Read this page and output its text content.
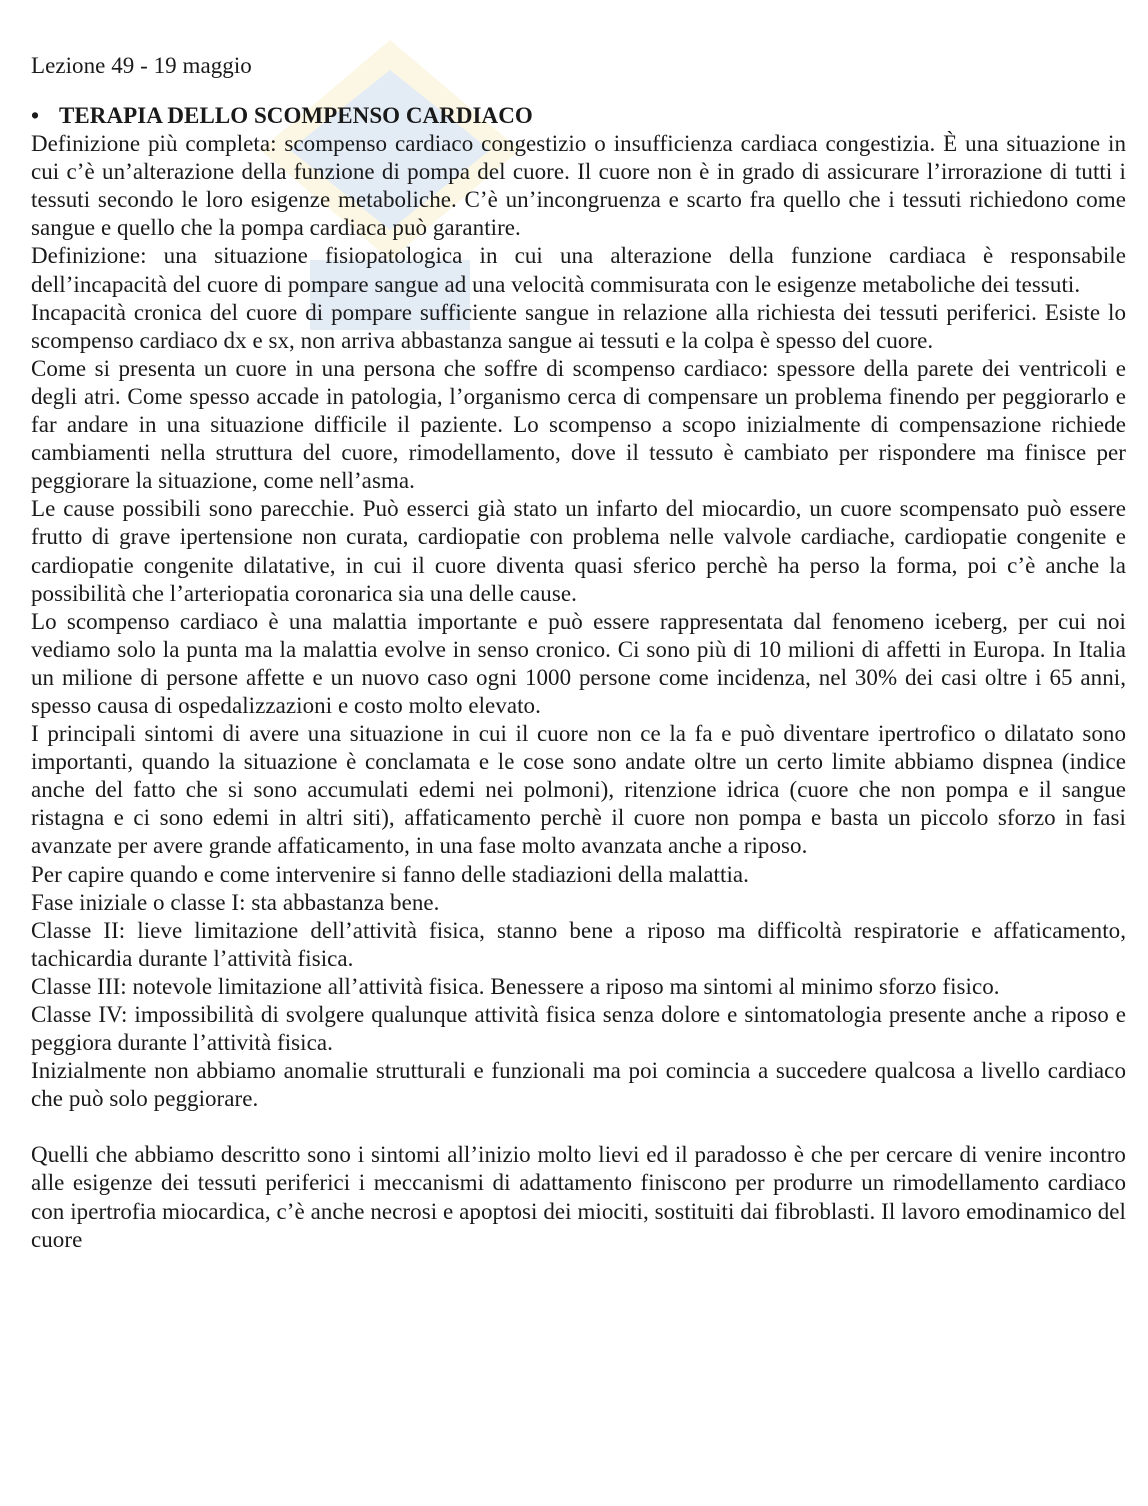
Lezione 49 - 19 maggio
• TERAPIA DELLO SCOMPENSO CARDIACO

Definizione più completa: scompenso cardiaco congestizio o insufficienza cardiaca congestizia. È una situazione in cui c’è un’alterazione della funzione di pompa del cuore. Il cuore non è in grado di assicurare l’irrorazione di tutti i tessuti secondo le loro esigenze metaboliche. C’è un’incongruenza e scarto fra quello che i tessuti richiedono come sangue e quello che la pompa cardiaca può garantire.

Definizione: una situazione fisiopatologica in cui una alterazione della funzione cardiaca è responsabile dell’incapacità del cuore di pompare sangue ad una velocità commisurata con le esigenze metaboliche dei tessuti.

Incapacità cronica del cuore di pompare sufficiente sangue in relazione alla richiesta dei tessuti periferici. Esiste lo scompenso cardiaco dx e sx, non arriva abbastanza sangue ai tessuti e la colpa è spesso del cuore.

Come si presenta un cuore in una persona che soffre di scompenso cardiaco: spessore della parete dei ventricoli e degli atri. Come spesso accade in patologia, l’organismo cerca di compensare un problema finendo per peggiorarlo e far andare in una situazione difficile il paziente. Lo scompenso a scopo inizialmente di compensazione richiede cambiamenti nella struttura del cuore, rimodellamento, dove il tessuto è cambiato per rispondere ma finisce per peggiorare la situazione, come nell’asma.

Le cause possibili sono parecchie. Può esserci già stato un infarto del miocardio, un cuore scompensato può essere frutto di grave ipertensione non curata, cardiopatie con problema nelle valvole cardiache, cardiopatie congenite e cardiopatie congenite dilatative, in cui il cuore diventa quasi sferico perchè ha perso la forma, poi c’è anche la possibilità che l’arteriopatia coronarica sia una delle cause.

Lo scompenso cardiaco è una malattia importante e può essere rappresentata dal fenomeno iceberg, per cui noi vediamo solo la punta ma la malattia evolve in senso cronico. Ci sono più di 10 milioni di affetti in Europa. In Italia un milione di persone affette e un nuovo caso ogni 1000 persone come incidenza, nel 30% dei casi oltre i 65 anni, spesso causa di ospedalizzazioni e costo molto elevato.

I principali sintomi di avere una situazione in cui il cuore non ce la fa e può diventare ipertrofico o dilatato sono importanti, quando la situazione è conclamata e le cose sono andate oltre un certo limite abbiamo dispnea (indice anche del fatto che si sono accumulati edemi nei polmoni), ritenzione idrica (cuore che non pompa e il sangue ristagna e ci sono edemi in altri siti), affaticamento perchè il cuore non pompa e basta un piccolo sforzo in fasi avanzate per avere grande affaticamento, in una fase molto avanzata anche a riposo.

Per capire quando e come intervenire si fanno delle stadiazioni della malattia.

Fase iniziale o classe I: sta abbastanza bene.

Classe II: lieve limitazione dell’attività fisica, stanno bene a riposo ma difficoltà respiratorie e affaticamento, tachicardia durante l’attività fisica.

Classe III: notevole limitazione all’attività fisica. Benessere a riposo ma sintomi al minimo sforzo fisico.

Classe IV: impossibilità di svolgere qualunque attività fisica senza dolore e sintomatologia presente anche a riposo e peggiora durante l’attività fisica.

Inizialmente non abbiamo anomalie strutturali e funzionali ma poi comincia a succedere qualcosa a livello cardiaco che può solo peggiorare.

Quelli che abbiamo descritto sono i sintomi all’inizio molto lievi ed il paradosso è che per cercare di venire incontro alle esigenze dei tessuti periferici i meccanismi di adattamento finiscono per produrre un rimodellamento cardiaco con ipertrofia miocardica, c’è anche necrosi e apoptosi dei miociti, sostituiti dai fibroblasti. Il lavoro emodinamico del cuore
